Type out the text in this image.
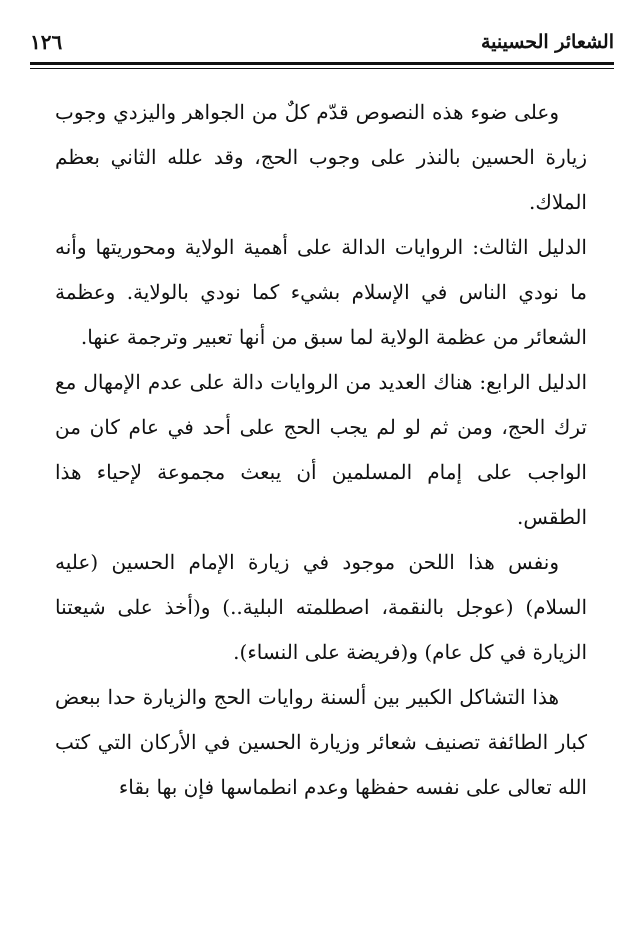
الشعائر الحسينية
١٢٦

وعلى ضوء هذه النصوص قدّم كلٌ من الجواهر واليزدي وجوب زيارة الحسين بالنذر على وجوب الحج، وقد علله الثاني بعظم الملاك.

الدليل الثالث: الروايات الدالة على أهمية الولاية ومحوريتها وأنه ما نودي الناس في الإسلام بشيء كما نودي بالولاية. وعظمة الشعائر من عظمة الولاية لما سبق من أنها تعبير وترجمة عنها.

الدليل الرابع: هناك العديد من الروايات دالة على عدم الإمهال مع ترك الحج، ومن ثم لو لم يجب الحج على أحد في عام كان من الواجب على إمام المسلمين أن يبعث مجموعة لإحياء هذا الطقس.

ونفس هذا اللحن موجود في زيارة الإمام الحسين (عليه السلام) (عوجل بالنقمة، اصطلمته البلية..) و(أخذ على شيعتنا الزيارة في كل عام) و(فريضة على النساء).

هذا التشاكل الكبير بين ألسنة روايات الحج والزيارة حدا ببعض كبار الطائفة تصنيف شعائر وزيارة الحسين في الأركان التي كتب الله تعالى على نفسه حفظها وعدم انطماسها فإن بها بقاء
